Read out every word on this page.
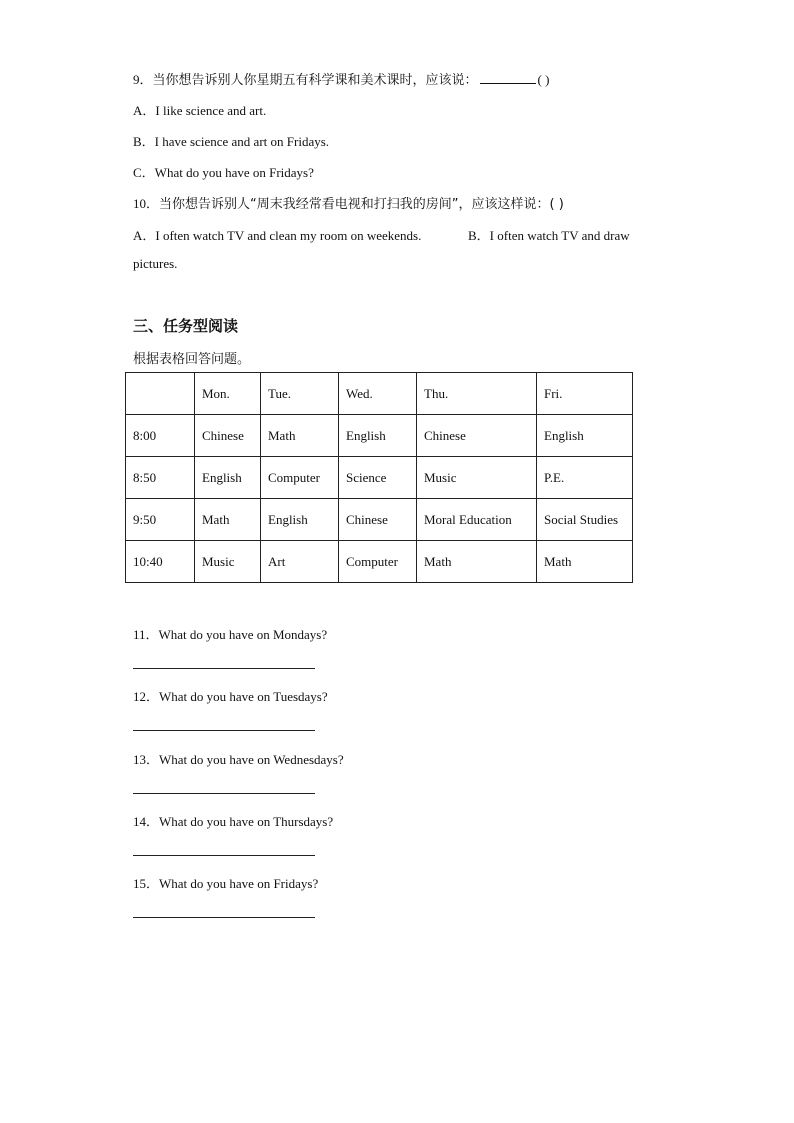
9．当你想告诉别人你星期五有科学课和美术课时，应该说：	( )
A．I like science and art.
B．I have science and art on Fridays.
C．What do you have on Fridays?
10．当你想告诉别人“周末我经常看电视和打扫我的房间”，应该这样说：( )
A．I often watch TV and clean my room on weekends.	B．I often watch TV and draw
pictures.
三、任务型阅读
根据表格回答问题。
	Mon.	Tue.	Wed.	Thu.	Fri.
8:00	Chinese	Math	English	Chinese	English
8:50	English	Computer	Science	Music	P.E.
9:50	Math	English	Chinese	Moral Education	Social Studies
10:40	Music	Art	Computer	Math	Math
11．What do you have on Mondays?
12．What do you have on Tuesdays?
13．What do you have on Wednesdays?
14．What do you have on Thursdays?
15．What do you have on Fridays?
